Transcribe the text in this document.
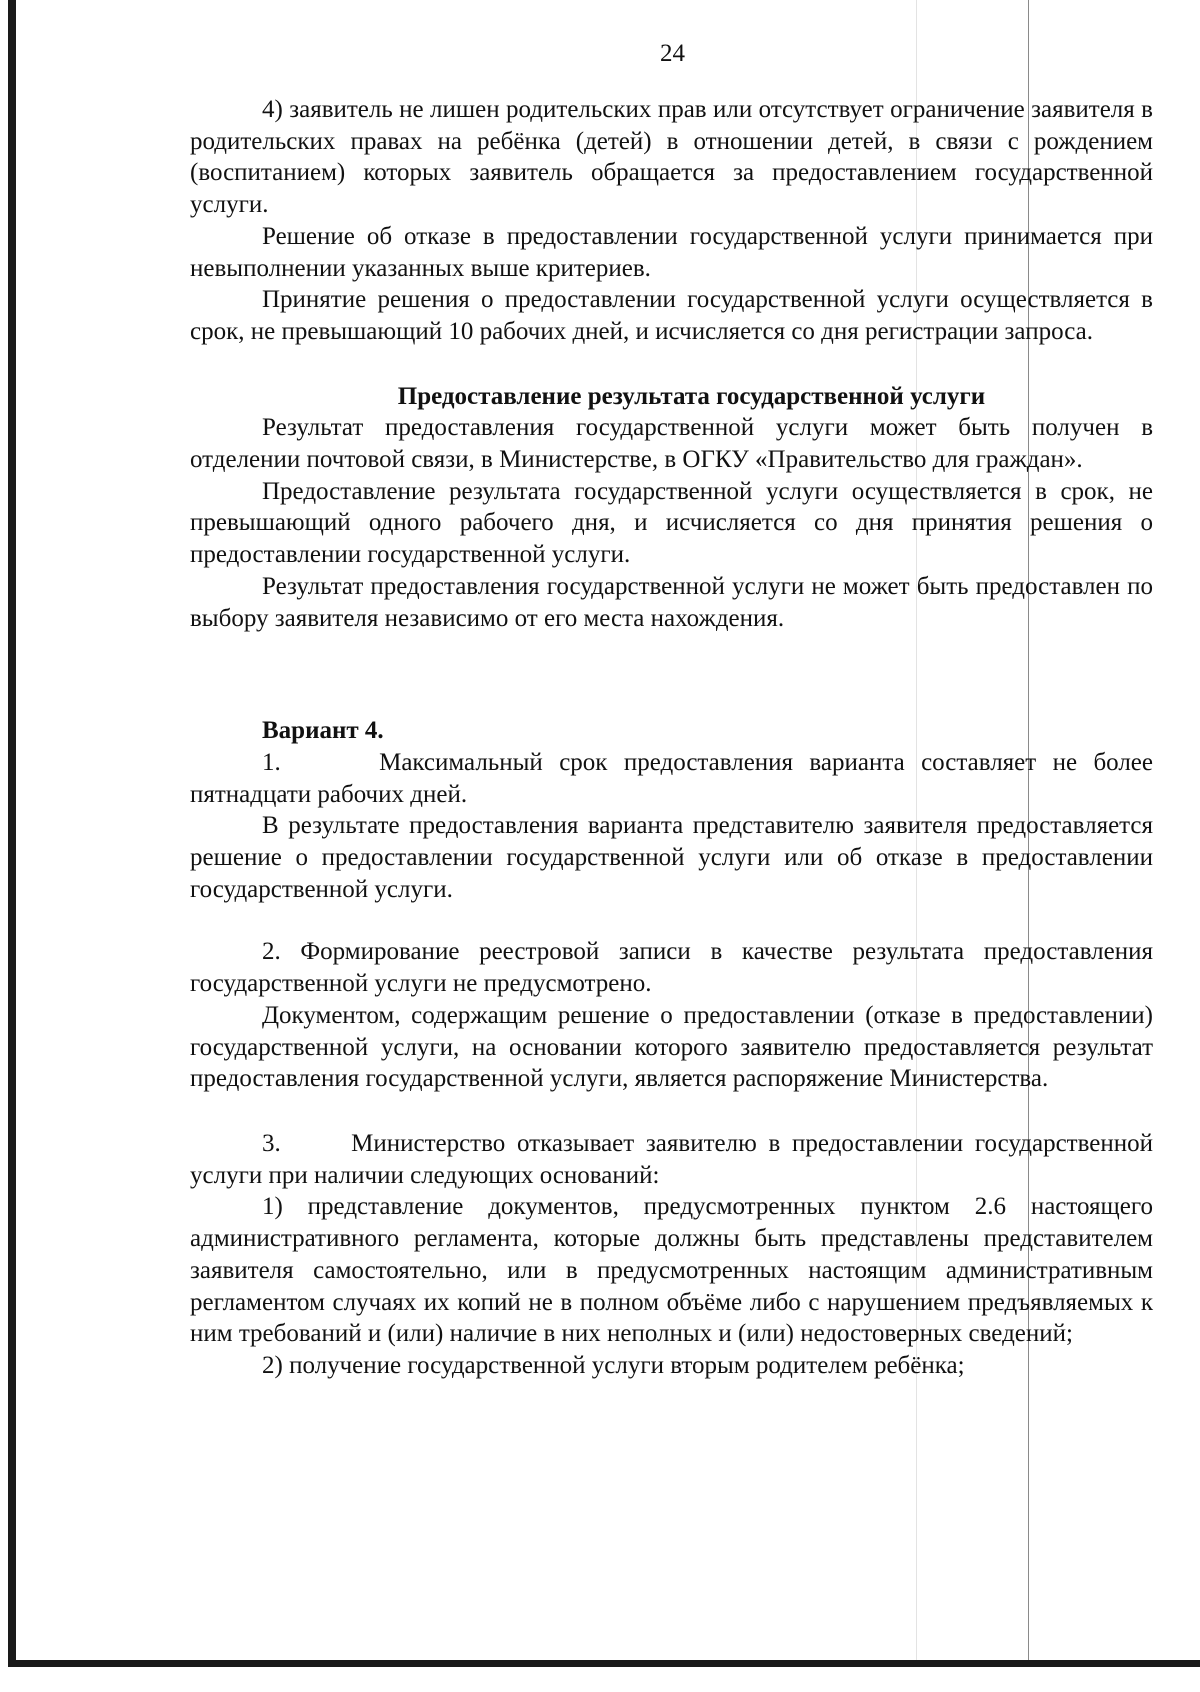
24

4) заявитель не лишен родительских прав или отсутствует ограничение заявителя в родительских правах на ребёнка (детей) в отношении детей, в связи с рождением (воспитанием) которых заявитель обращается за предоставлением государственной услуги.

Решение об отказе в предоставлении государственной услуги принимается при невыполнении указанных выше критериев.

Принятие решения о предоставлении государственной услуги осуществляется в срок, не превышающий 10 рабочих дней, и исчисляется со дня регистрации запроса.

Предоставление результата государственной услуги

Результат предоставления государственной услуги может быть получен в отделении почтовой связи, в Министерстве, в ОГКУ «Правительство для граждан».

Предоставление результата государственной услуги осуществляется в срок, не превышающий одного рабочего дня, и исчисляется со дня принятия решения о предоставлении государственной услуги.

Результат предоставления государственной услуги не может быть предоставлен по выбору заявителя независимо от его места нахождения.

Вариант 4.

1.      Максимальный срок предоставления варианта составляет не более пятнадцати рабочих дней.

В результате предоставления варианта представителю заявителя предоставляется решение о предоставлении государственной услуги или об отказе в предоставлении государственной услуги.

2. Формирование реестровой записи в качестве результата предоставления государственной услуги не предусмотрено.

Документом, содержащим решение о предоставлении (отказе в предоставлении) государственной услуги, на основании которого заявителю предоставляется результат предоставления государственной услуги, является распоряжение Министерства.

3.      Министерство отказывает заявителю в предоставлении государственной услуги при наличии следующих оснований:

1) представление документов, предусмотренных пунктом 2.6 настоящего административного регламента, которые должны быть представлены представителем заявителя самостоятельно, или в предусмотренных настоящим административным регламентом случаях их копий не в полном объёме либо с нарушением предъявляемых к ним требований и (или) наличие в них неполных и (или) недостоверных сведений;

2) получение государственной услуги вторым родителем ребёнка;
